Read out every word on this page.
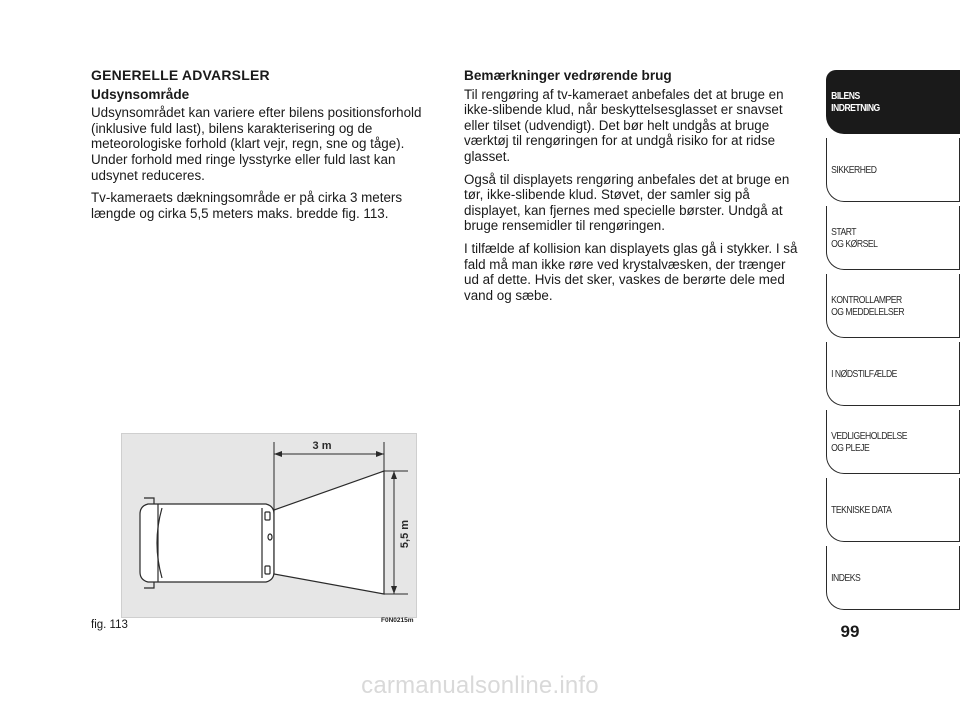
GENERELLE ADVARSLER
Udsynsområde

Udsynsområdet kan variere efter bilens positionsforhold (inklusive fuld last), bilens karakterisering og de meteorologiske forhold (klart vejr, regn, sne og tåge). Under forhold med ringe lysstyrke eller fuld last kan udsynet reduceres.

Tv-kameraets dækningsområde er på cirka 3 meters længde og cirka 5,5 meters maks. bredde fig. 113.

Bemærkninger vedrørende brug

Til rengøring af tv-kameraet anbefales det at bruge en ikke-slibende klud, når beskyttelsesglasset er snavset eller tilset (udvendigt). Det bør helt undgås at bruge værktøj til rengøringen for at undgå risiko for at ridse glasset.

Også til displayets rengøring anbefales det at bruge en tør, ikke-slibende klud. Støvet, der samler sig på displayet, kan fjernes med specielle børster. Undgå at bruge rensemidler til rengøringen.

I tilfælde af kollision kan displayets glas gå i stykker. I så fald må man ikke røre ved krystalvæsken, der trænger ud af dette. Hvis det sker, vaskes de berørte dele med vand og sæbe.

3 m
5,5 m
fig. 113	F0N0215m
BILENS
INDRETNING
SIKKERHED
START
OG KØRSEL
KONTROLLAMPER
OG MEDDELELSER
I NØDSTILFÆLDE
VEDLIGEHOLDELSE
OG PLEJE
TEKNISKE DATA
INDEKS
99
carmanualsonline.info
